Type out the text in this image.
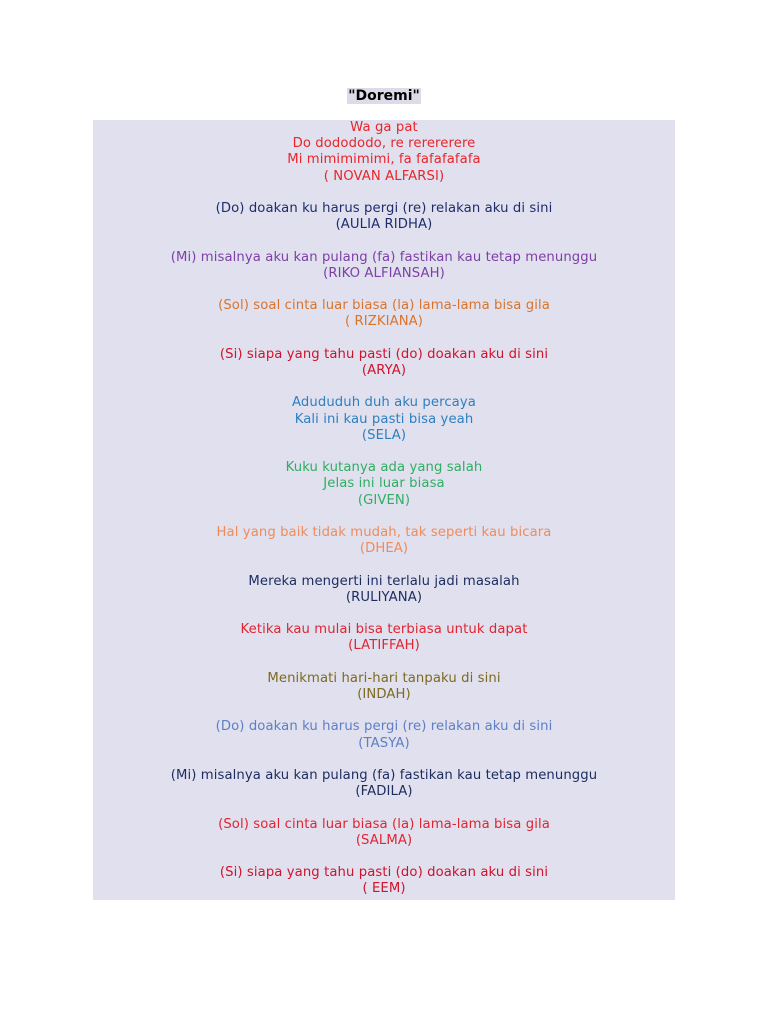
"Doremi"
Wa ga pat
Do dodododo, re rerererere
Mi mimimimimi, fa fafafafafa
( NOVAN ALFARSI)
(Do) doakan ku harus pergi (re) relakan aku di sini
(AULIA RIDHA)
(Mi) misalnya aku kan pulang (fa) fastikan kau tetap menunggu
(RIKO ALFIANSAH)
(Sol) soal cinta luar biasa (la) lama-lama bisa gila
( RIZKIANA)
(Si) siapa yang tahu pasti (do) doakan aku di sini
(ARYA)
Adududuh duh aku percaya
Kali ini kau pasti bisa yeah
(SELA)
Kuku kutanya ada yang salah
Jelas ini luar biasa
(GIVEN)
Hal yang baik tidak mudah, tak seperti kau bicara
(DHEA)
Mereka mengerti ini terlalu jadi masalah
(RULIYANA)
Ketika kau mulai bisa terbiasa untuk dapat
(LATIFFAH)
Menikmati hari-hari tanpaku di sini
(INDAH)
(Do) doakan ku harus pergi (re) relakan aku di sini
(TASYA)
(Mi) misalnya aku kan pulang (fa) fastikan kau tetap menunggu
(FADILA)
(Sol) soal cinta luar biasa (la) lama-lama bisa gila
(SALMA)
(Si) siapa yang tahu pasti (do) doakan aku di sini
( EEM)
